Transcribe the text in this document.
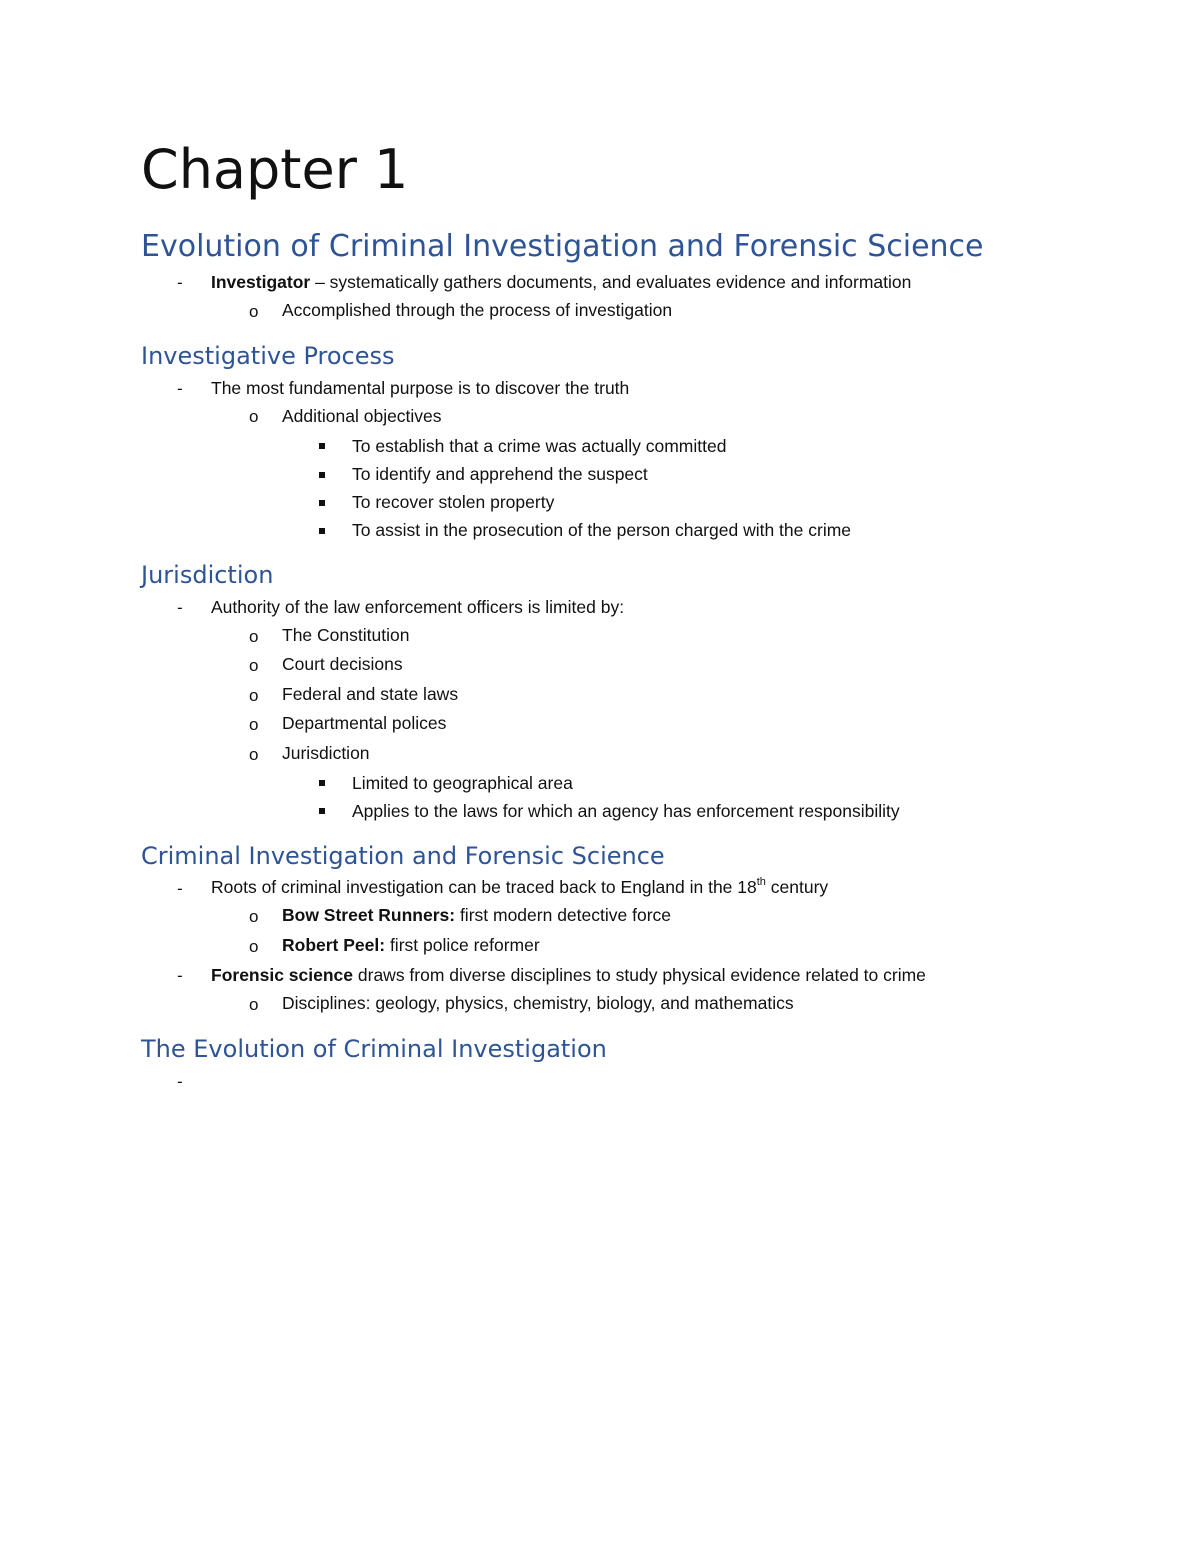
Chapter 1
Evolution of Criminal Investigation and Forensic Science
- Investigator – systematically gathers documents, and evaluates evidence and information
o Accomplished through the process of investigation
Investigative Process
- The most fundamental purpose is to discover the truth
o Additional objectives
To establish that a crime was actually committed
To identify and apprehend the suspect
To recover stolen property
To assist in the prosecution of the person charged with the crime
Jurisdiction
- Authority of the law enforcement officers is limited by:
o The Constitution
o Court decisions
o Federal and state laws
o Departmental polices
o Jurisdiction
Limited to geographical area
Applies to the laws for which an agency has enforcement responsibility
Criminal Investigation and Forensic Science
- Roots of criminal investigation can be traced back to England in the 18th century
o Bow Street Runners: first modern detective force
o Robert Peel: first police reformer
- Forensic science draws from diverse disciplines to study physical evidence related to crime
o Disciplines: geology, physics, chemistry, biology, and mathematics
The Evolution of Criminal Investigation
-
